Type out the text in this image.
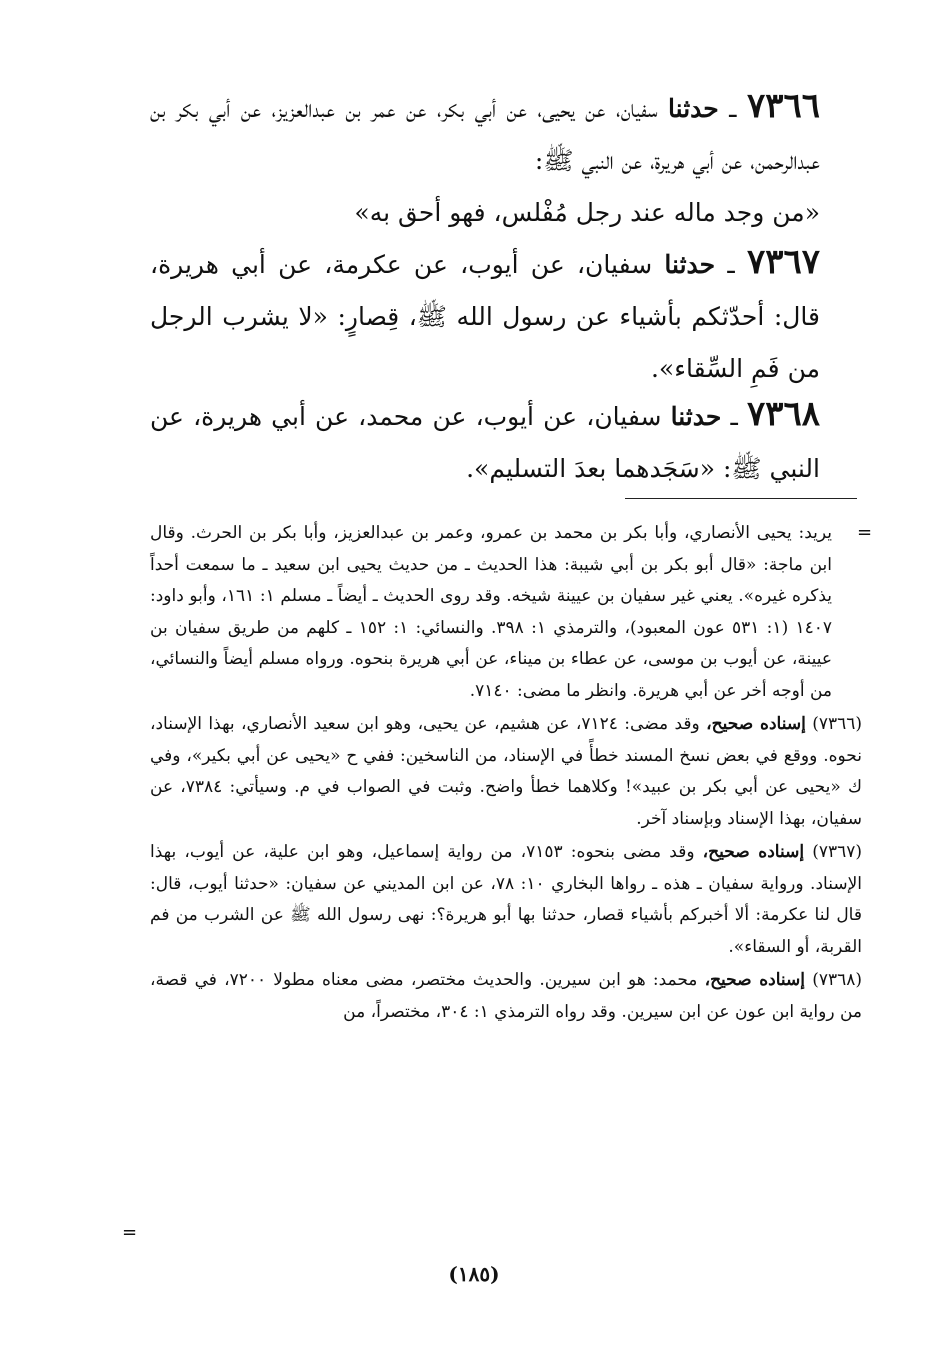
٧٣٦٦ ـ حدثنا سفيان، عن يحيى، عن أبي بكر، عن عمر بن عبدالعزيز، عن أبي بكر بن عبدالرحمن، عن أبي هريرة، عن النبي ﷺ:

«من وجد ماله عند رجل مُفْلس، فهو أحق به»

٧٣٦٧ ـ حدثنا سفيان، عن أيوب، عن عكرمة، عن أبي هريرة، قال: أحدّثكم بأشياء عن رسول الله ﷺ، قِصارٍ: «لا يشرب الرجل من فَمِ السِّقاء».

٧٣٦٨ ـ حدثنا سفيان، عن أيوب، عن محمد، عن أبي هريرة، عن النبي ﷺ: «سَجَدهما بعدَ التسليم».

=

يريد: يحيى الأنصاري، وأبا بكر بن محمد بن عمرو، وعمر بن عبدالعزيز، وأبا بكر بن الحرث. وقال ابن ماجة: «قال أبو بكر بن أبي شيبة: هذا الحديث ـ من حديث يحيى ابن سعيد ـ ما سمعت أحداً يذكره غيره». يعني غير سفيان بن عيينة شيخه. وقد روى الحديث ـ أيضاً ـ مسلم ١: ١٦١، وأبو داود: ١٤٠٧ (١: ٥٣١ عون المعبود)، والترمذي ١: ٣٩٨. والنسائي: ١: ١٥٢ ـ كلهم من طريق سفيان بن عيينة، عن أيوب بن موسى، عن عطاء بن ميناء، عن أبي هريرة بنحوه. ورواه مسلم أيضاً والنسائي، من أوجه أخر عن أبي هريرة. وانظر ما مضى: ٧١٤٠.

(٧٣٦٦) إسناده صحيح، وقد مضى: ٧١٢٤، عن هشيم، عن يحيى، وهو ابن سعيد الأنصاري، بهذا الإسناد، نحوه. ووقع في بعض نسخ المسند خطأً في الإسناد، من الناسخين: ففي ح «يحيى عن أبي بكير»، وفي ك «يحيى عن أبي بكر بن عبيد»! وكلاهما خطأ واضح. وثبت في الصواب في م. وسيأتي: ٧٣٨٤، عن سفيان، بهذا الإسناد وبإسناد آخر.

(٧٣٦٧) إسناده صحيح، وقد مضى بنحوه: ٧١٥٣، من رواية إسماعيل، وهو ابن علية، عن أيوب، بهذا الإسناد. ورواية سفيان ـ هذه ـ رواها البخاري ١٠: ٧٨، عن ابن المديني عن سفيان: «حدثنا أيوب، قال: قال لنا عكرمة: ألا أخبركم بأشياء قصار، حدثنا بها أبو هريرة؟: نهى رسول الله ﷺ عن الشرب من فم القربة، أو السقاء».

(٧٣٦٨) إسناده صحيح، محمد: هو ابن سيرين. والحديث مختصر، مضى معناه مطولا ٧٢٠٠، في قصة، من رواية ابن عون عن ابن سيرين. وقد رواه الترمذي ١: ٣٠٤، مختصراً، من

=
(١٨٥)
